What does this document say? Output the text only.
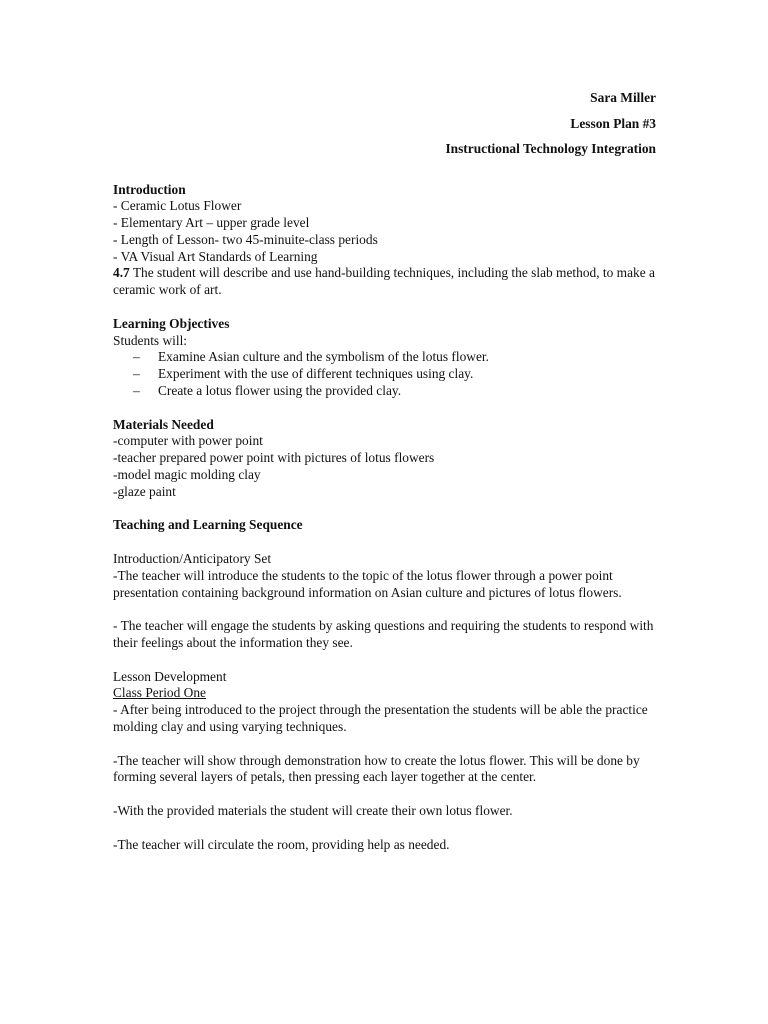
Sara Miller
Lesson Plan #3
Instructional Technology Integration
Introduction
- Ceramic Lotus Flower
- Elementary Art – upper grade level
- Length of Lesson- two 45-minuite-class periods
- VA Visual Art Standards of Learning
4.7 The student will describe and use hand-building techniques, including the slab method, to make a ceramic work of art.
Learning Objectives
Students will:
– Examine Asian culture and the symbolism of the lotus flower.
– Experiment with the use of different techniques using clay.
– Create a lotus flower using the provided clay.
Materials Needed
-computer with power point
-teacher prepared power point with pictures of lotus flowers
-model magic molding clay
-glaze paint
Teaching and Learning Sequence
Introduction/Anticipatory Set
-The teacher will introduce the students to the topic of the lotus flower through a power point presentation containing background information on Asian culture and pictures of lotus flowers.
- The teacher will engage the students by asking questions and requiring the students to respond with their feelings about the information they see.
Lesson Development
Class Period One
- After being introduced to the project through the presentation the students will be able the practice molding clay and using varying techniques.
-The teacher will show through demonstration how to create the lotus flower. This will be done by forming several layers of petals, then pressing each layer together at the center.
-With the provided materials the student will create their own lotus flower.
-The teacher will circulate the room, providing help as needed.
